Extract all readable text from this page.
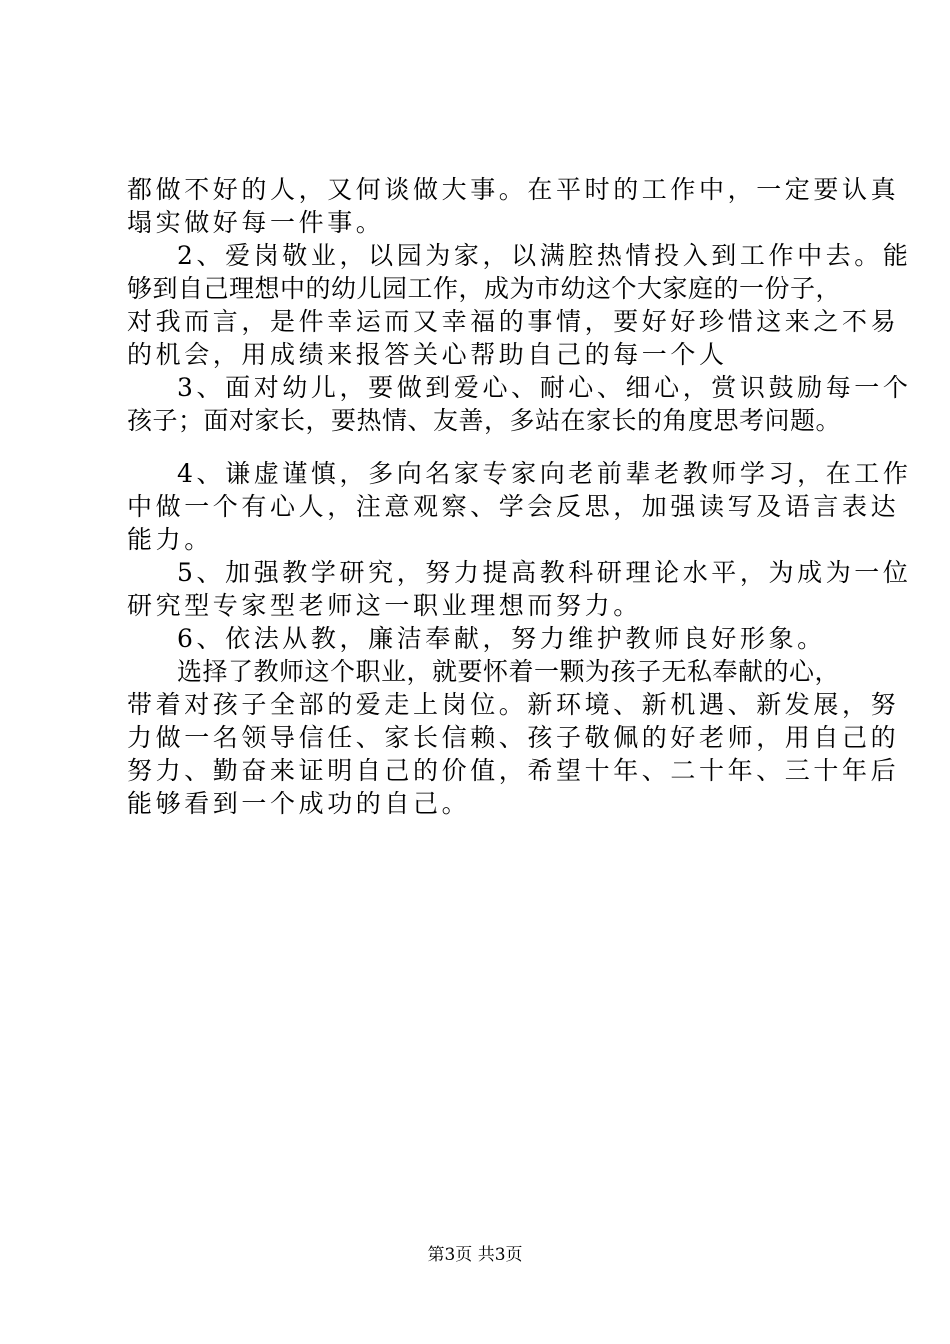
都做不好的人，又何谈做大事。在平时的工作中，一定要认真
塌实做好每一件事。
2、爱岗敬业，以园为家，以满腔热情投入到工作中去。能
够到自己理想中的幼儿园工作，成为市幼这个大家庭的一份子，
对我而言，是件幸运而又幸福的事情，要好好珍惜这来之不易
的机会，用成绩来报答关心帮助自己的每一个人
3、面对幼儿，要做到爱心、耐心、细心，赏识鼓励每一个
孩子；面对家长，要热情、友善，多站在家长的角度思考问题。
4、谦虚谨慎，多向名家专家向老前辈老教师学习，在工作
中做一个有心人，注意观察、学会反思，加强读写及语言表达
能力。
5、加强教学研究，努力提高教科研理论水平，为成为一位
研究型专家型老师这一职业理想而努力。
6、依法从教，廉洁奉献，努力维护教师良好形象。
选择了教师这个职业，就要怀着一颗为孩子无私奉献的心，
带着对孩子全部的爱走上岗位。新环境、新机遇、新发展，努
力做一名领导信任、家长信赖、孩子敬佩的好老师，用自己的
努力、勤奋来证明自己的价值，希望十年、二十年、三十年后
能够看到一个成功的自己。
第3页 共3页
